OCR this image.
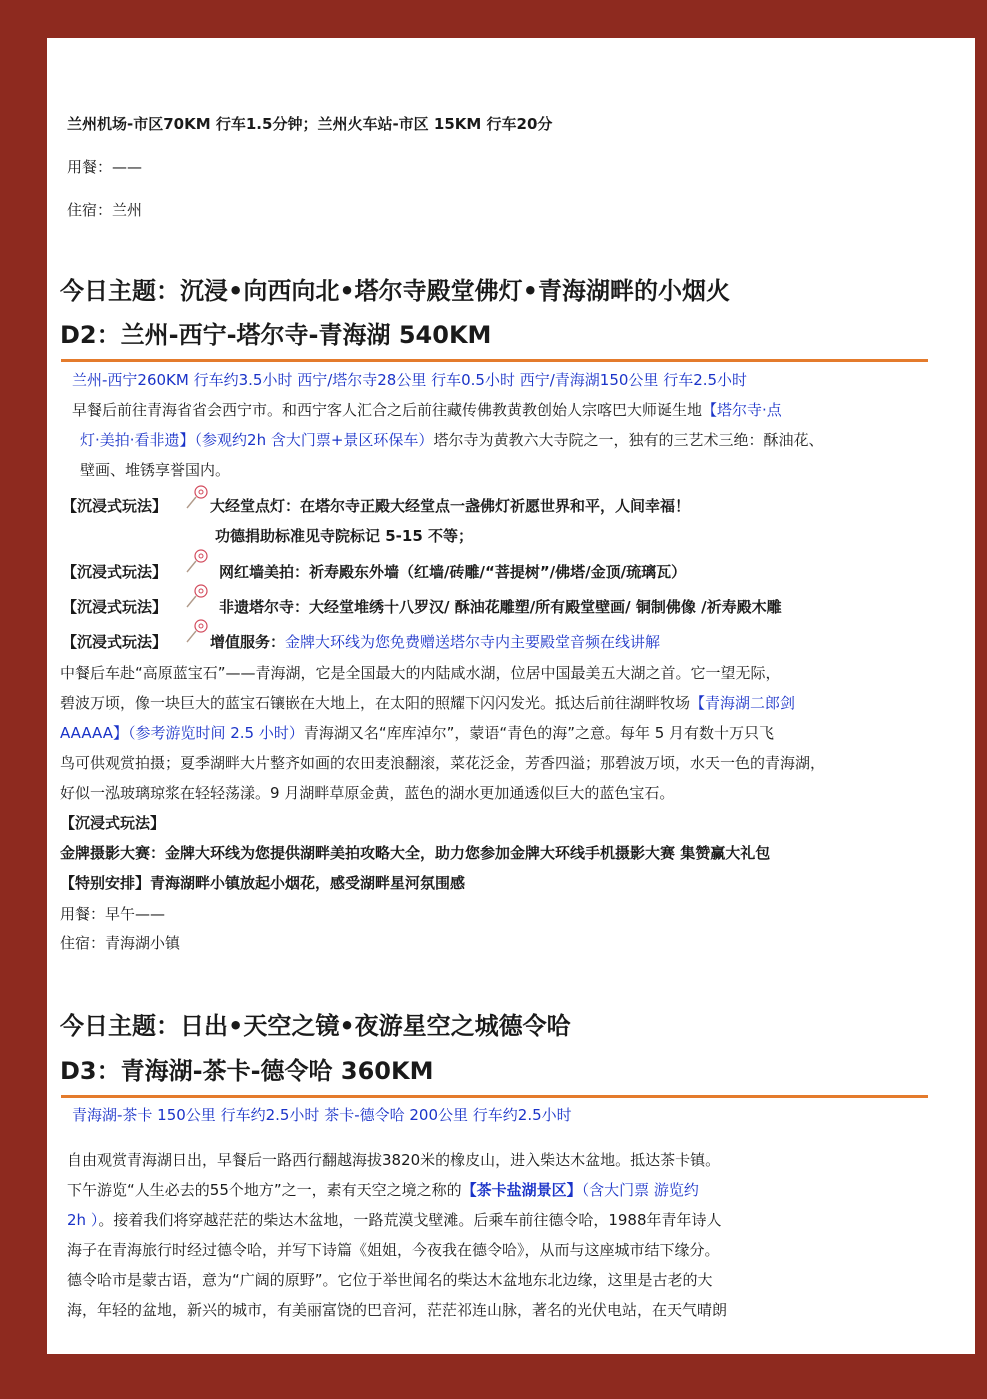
兰州机场-市区70KM 行车1.5分钟；兰州火车站-市区 15KM 行车20分
用餐：——
住宿：兰州
今日主题：沉浸•向西向北•塔尔寺殿堂佛灯•青海湖畔的小烟火
D2：兰州-西宁-塔尔寺-青海湖 540KM
兰州-西宁260KM 行车约3.5小时 西宁/塔尔寺28公里 行车0.5小时 西宁/青海湖150公里 行车2.5小时
早餐后前往青海省省会西宁市。和西宁客人汇合之后前往藏传佛教黄教创始人宗喀巴大师诞生地【塔尔寺·点
灯·美拍·看非遗】（参观约2h 含大门票+景区环保车）塔尔寺为黄教六大寺院之一，独有的三艺术三绝：酥油花、
壁画、堆锈享誉国内。
【沉浸式玩法】	大经堂点灯：在塔尔寺正殿大经堂点一盏佛灯祈愿世界和平，人间幸福！
功德捐助标准见寺院标记 5-15 不等；
【沉浸式玩法】	网红墙美拍：祈寿殿东外墙（红墙/砖雕/“菩提树”/佛塔/金顶/琉璃瓦）
【沉浸式玩法】	非遗塔尔寺：大经堂堆绣十八罗汉/ 酥油花雕塑/所有殿堂壁画/ 铜制佛像 /祈寿殿木雕
【沉浸式玩法】	增值服务：金牌大环线为您免费赠送塔尔寺内主要殿堂音频在线讲解
中餐后车赴“高原蓝宝石”——青海湖，它是全国最大的内陆咸水湖，位居中国最美五大湖之首。它一望无际，
碧波万顷，像一块巨大的蓝宝石镶嵌在大地上，在太阳的照耀下闪闪发光。抵达后前往湖畔牧场【青海湖二郎剑
AAAAA】（参考游览时间 2.5 小时）青海湖又名“库库淖尔”，蒙语“青色的海”之意。每年 5 月有数十万只飞
鸟可供观赏拍摄；夏季湖畔大片整齐如画的农田麦浪翻滚，菜花泛金，芳香四溢；那碧波万顷，水天一色的青海湖，
好似一泓玻璃琼浆在轻轻荡漾。9 月湖畔草原金黄，蓝色的湖水更加通透似巨大的蓝色宝石。
【沉浸式玩法】
金牌摄影大赛：金牌大环线为您提供湖畔美拍攻略大全，助力您参加金牌大环线手机摄影大赛 集赞赢大礼包
【特别安排】青海湖畔小镇放起小烟花，感受湖畔星河氛围感
用餐：早午——
住宿：青海湖小镇
今日主题：日出•天空之镜•夜游星空之城德令哈
D3：青海湖-茶卡-德令哈 360KM
青海湖-茶卡 150公里 行车约2.5小时 茶卡-德令哈 200公里 行车约2.5小时
自由观赏青海湖日出，早餐后一路西行翻越海拔3820米的橡皮山，进入柴达木盆地。抵达茶卡镇。
下午游览“人生必去的55个地方”之一，素有天空之境之称的【茶卡盐湖景区】（含大门票 游览约
2h ）。接着我们将穿越茫茫的柴达木盆地，一路荒漠戈壁滩。后乘车前往德令哈，1988年青年诗人
海子在青海旅行时经过德令哈，并写下诗篇《姐姐，今夜我在德令哈》，从而与这座城市结下缘分。
德令哈市是蒙古语，意为“广阔的原野”。它位于举世闻名的柴达木盆地东北边缘，这里是古老的大
海，年轻的盆地，新兴的城市，有美丽富饶的巴音河，茫茫祁连山脉，著名的光伏电站，在天气晴朗
